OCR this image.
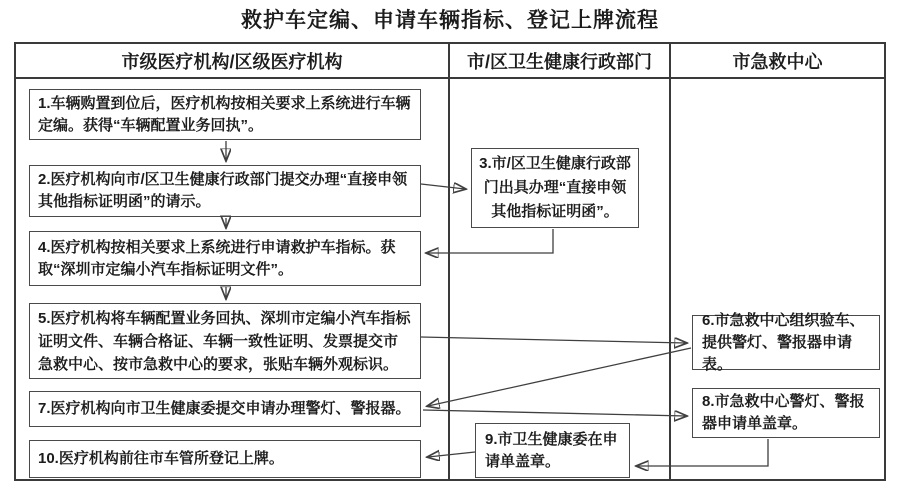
救护车定编、申请车辆指标、登记上牌流程
市级医疗机构/区级医疗机构	市/区卫生健康行政部门	市急救中心
1.车辆购置到位后，医疗机构按相关要求上系统进行车辆定编。获得“车辆配置业务回执”。
2.医疗机构向市/区卫生健康行政部门提交办理“直接申领其他指标证明函”的请示。
3.市/区卫生健康行政部门出具办理“直接申领其他指标证明函”。
4.医疗机构按相关要求上系统进行申请救护车指标。获取“深圳市定编小汽车指标证明文件”。
5.医疗机构将车辆配置业务回执、深圳市定编小汽车指标证明文件、车辆合格证、车辆一致性证明、发票提交市急救中心、按市急救中心的要求，张贴车辆外观标识。
6.市急救中心组织验车、提供警灯、警报器申请表。
7.医疗机构向市卫生健康委提交申请办理警灯、警报器。	8.市急救中心警灯、警报器申请单盖章。
9.市卫生健康委在申请单盖章。
10.医疗机构前往市车管所登记上牌。
